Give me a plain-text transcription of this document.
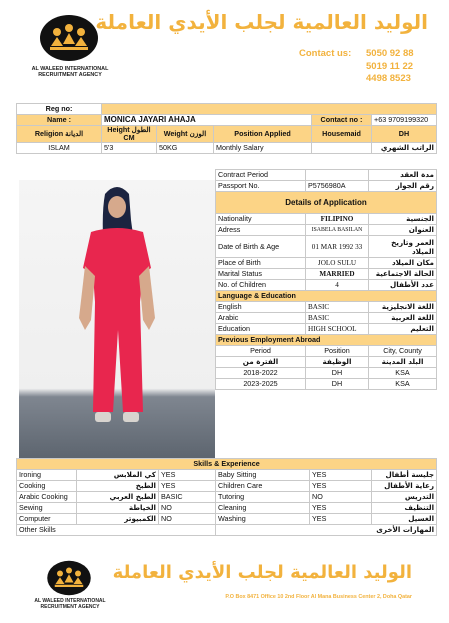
AL WALEED INTERNATIONAL RECRUITMENT AGENCY
الوليد العالمية لجلب الأيدي العاملة
Contact us: 5050 92 88
5019 11 22
4498 8523
Reg no:					
Name :	MONICA JAYARI AHAJA			Contact no :	+63 9709199320
Religion الديانة	Height الطول CM	Weight الوزن	Position Applied	Housemaid	DH
ISLAM	5'3	50KG	Monthly Salary		الراتب الشهري
Contract Period		مدة العقد
Passport No.	P5756980A	رقم الجواز
Details of Application		
Nationality	FILIPINO	الجنسية
Adress	ISABELA BASILAN	العنوان
Date of Birth & Age	01 MAR 1992 33	العمر وتاريخ الميلاد
Place of Birth	JOLO SULU	مكان الميلاد
Marital Status	MARRIED	الحالة الاجتماعية
No. of Children	4	عدد الأطفال
Language & Education		
English	BASIC	اللغة الانجليزية
Arabic	BASIC	اللغة العربية
Education	HIGH SCHOOL	التعليم
Previous Employment Abroad		
Period	Position	City, County
الفترة من	الوظيفة	البلد المدينة
2018-2022	DH	KSA
2023-2025	DH	KSA
Skills & Experience					
Ironing	كي الملابس	YES	Baby Sitting	YES	جليسة أطفال
Cooking	الطبخ	YES	Children Care	YES	رعاية الأطفال
Arabic Cooking	الطبخ العربي	BASIC	Tutoring	NO	التدريس
Sewing	الخياطة	NO	Cleaning	YES	التنظيف
Computer	الكمبيوتر	NO	Washing	YES	الغسيل
Other Skills			المهارات الأخرى		
AL WALEED INTERNATIONAL RECRUITMENT AGENCY
الوليد العالمية لجلب الأيدي العاملة
P.O Box 8471 Office 10 2nd Floor Al Mana Business Center 2, Doha Qatar
